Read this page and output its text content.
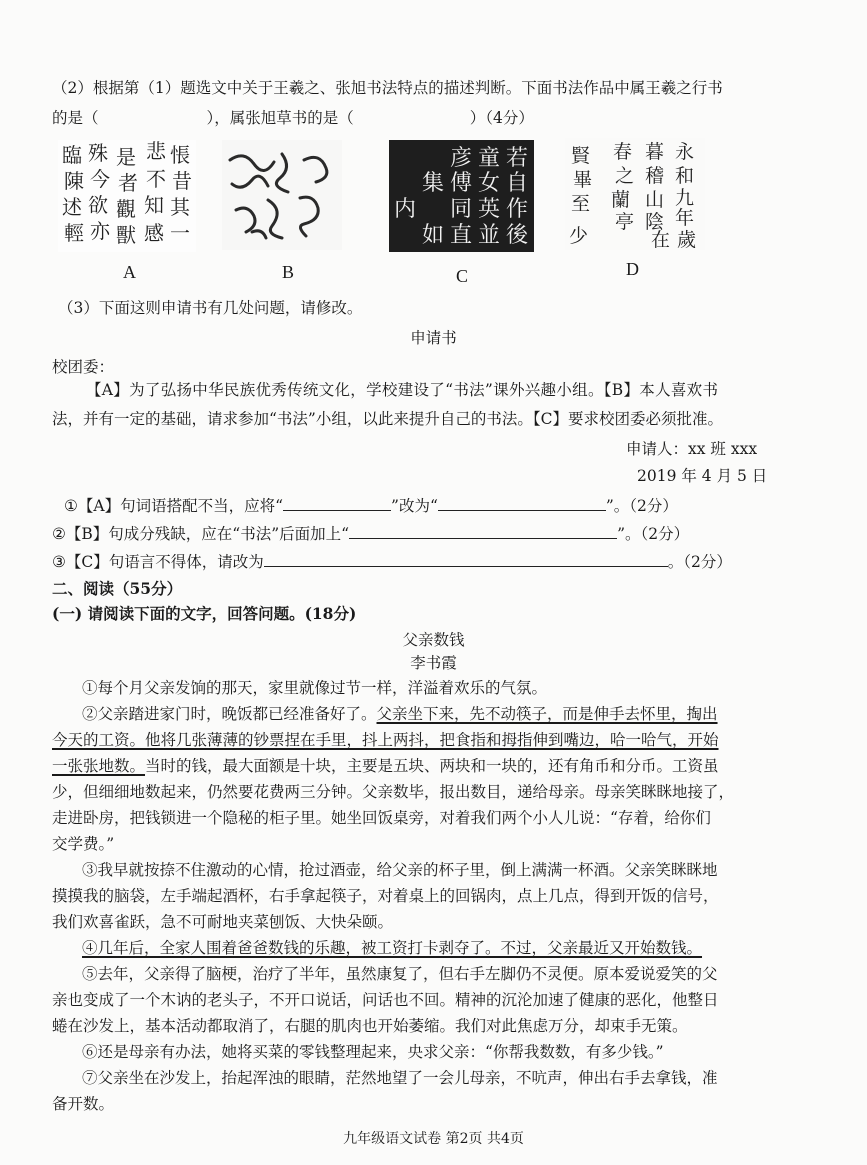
（2）根据第（1）题选文中关于王羲之、张旭书法特点的描述判断。下面书法作品中属王羲之行书
的是（	），属张旭草书的是（	）（4分）
臨 殊 是 悲 悵
陳 今 者 不 昔
述 欲 觀 知 其
輕 亦 獸 感 一
A	B
若
童
彦
自
女
傅
作
英
同
後
並
直
如
集
内
C
永
和
九
年
歲
在
暮
稽
山
陰
春
之
蘭
亭
賢
畢
至
少
D
（3）下面这则申请书有几处问题，请修改。
申请书
校团委：
【A】为了弘扬中华民族优秀传统文化，学校建设了“书法”课外兴趣小组。【B】本人喜欢书
法，并有一定的基础，请求参加“书法”小组，以此来提升自己的书法。【C】要求校团委必须批准。
申请人：xx 班 xxx
2019 年 4 月 5 日
①【A】句词语搭配不当，应将“	”改为“	”。（2分）
②【B】句成分残缺，应在“书法”后面加上“	”。（2分）
③【C】句语言不得体，请改为	。（2分）
二、阅读（55分）
(一) 请阅读下面的文字，回答问题。(18分)
父亲数钱
李书霞
①每个月父亲发饷的那天，家里就像过节一样，洋溢着欢乐的气氛。
②父亲踏进家门时，晚饭都已经准备好了。父亲坐下来，先不动筷子，而是伸手去怀里，掏出
今天的工资。他将几张薄薄的钞票捏在手里，抖上两抖，把食指和拇指伸到嘴边，哈一哈气，开始
一张张地数。当时的钱，最大面额是十块，主要是五块、两块和一块的，还有角币和分币。工资虽
少，但细细地数起来，仍然要花费两三分钟。父亲数毕，报出数目，递给母亲。母亲笑眯眯地接了，
走进卧房，把钱锁进一个隐秘的柜子里。她坐回饭桌旁，对着我们两个小人儿说：“存着，给你们
交学费。”
③我早就按捺不住激动的心情，抢过酒壶，给父亲的杯子里，倒上满满一杯酒。父亲笑眯眯地
摸摸我的脑袋，左手端起酒杯，右手拿起筷子，对着桌上的回锅肉，点上几点，得到开饭的信号，
我们欢喜雀跃，急不可耐地夹菜刨饭、大快朵颐。
④几年后，全家人围着爸爸数钱的乐趣，被工资打卡剥夺了。不过，父亲最近又开始数钱。
⑤去年，父亲得了脑梗，治疗了半年，虽然康复了，但右手左脚仍不灵便。原本爱说爱笑的父
亲也变成了一个木讷的老头子，不开口说话，问话也不回。精神的沉沦加速了健康的恶化，他整日
蜷在沙发上，基本活动都取消了，右腿的肌肉也开始萎缩。我们对此焦虑万分，却束手无策。
⑥还是母亲有办法，她将买菜的零钱整理起来，央求父亲：“你帮我数数，有多少钱。”
⑦父亲坐在沙发上，抬起浑浊的眼睛，茫然地望了一会儿母亲，不吭声，伸出右手去拿钱，准
备开数。
九年级语文试卷 第2页 共4页
